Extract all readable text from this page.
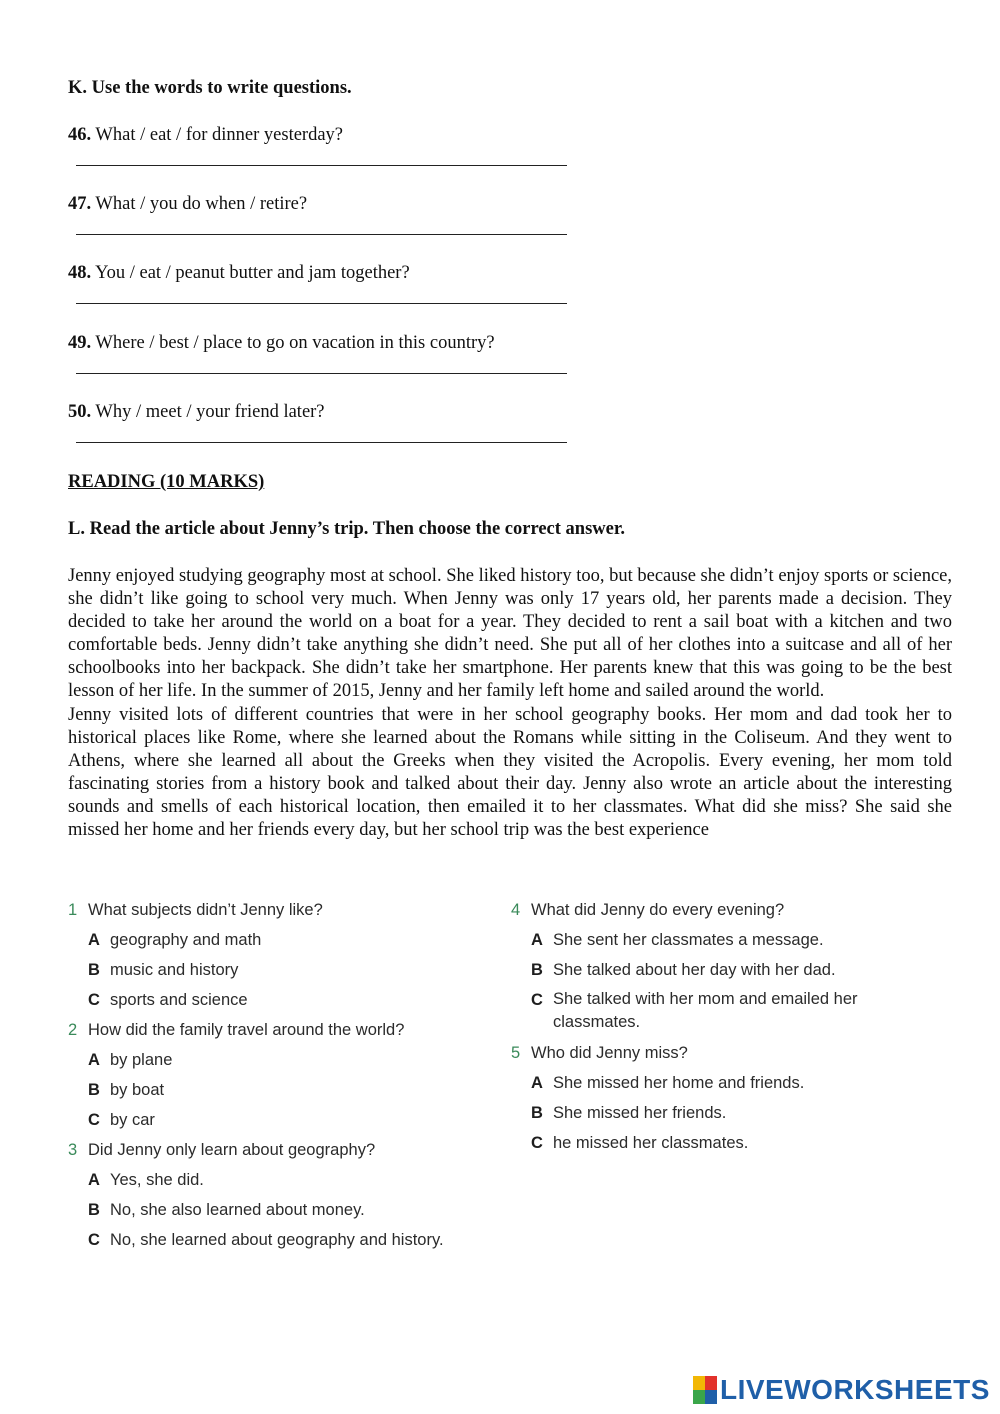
K. Use the words to write questions.

46. What / eat / for dinner yesterday?
47. What / you do when / retire?
48. You / eat / peanut butter and jam together?
49. Where / best / place to go on vacation in this country?
50. Why / meet / your friend later?

READING (10 MARKS)

L. Read the article about Jenny’s trip. Then choose the correct answer.

Jenny enjoyed studying geography most at school. She liked history too, but because she didn’t enjoy sports or science, she didn’t like going to school very much. When Jenny was only 17 years old, her parents made a decision. They decided to take her around the world on a boat for a year. They decided to rent a sail boat with a kitchen and two comfortable beds. Jenny didn’t take anything she didn’t need. She put all of her clothes into a suitcase and all of her schoolbooks into her backpack. She didn’t take her smartphone. Her parents knew that this was going to be the best lesson of her life. In the summer of 2015, Jenny and her family left home and sailed around the world.

Jenny visited lots of different countries that were in her school geography books. Her mom and dad took her to historical places like Rome, where she learned about the Romans while sitting in the Coliseum. And they went to Athens, where she learned all about the Greeks when they visited the Acropolis. Every evening, her mom told fascinating stories from a history book and talked about their day. Jenny also wrote an article about the interesting sounds and smells of each historical location, then emailed it to her classmates. What did she miss? She said she missed her home and her friends every day, but her school trip was the best experience

1 What subjects didn’t Jenny like?
A geography and math
B music and history
C sports and science
2 How did the family travel around the world?
A by plane
B by boat
C by car
3 Did Jenny only learn about geography?
A Yes, she did.
B No, she also learned about money.
C No, she learned about geography and history.
4 What did Jenny do every evening?
A She sent her classmates a message.
B She talked about her day with her dad.
C She talked with her mom and emailed her classmates.
5 Who did Jenny miss?
A She missed her home and friends.
B She missed her friends.
C he missed her classmates.
LIVEWORKSHEETS
